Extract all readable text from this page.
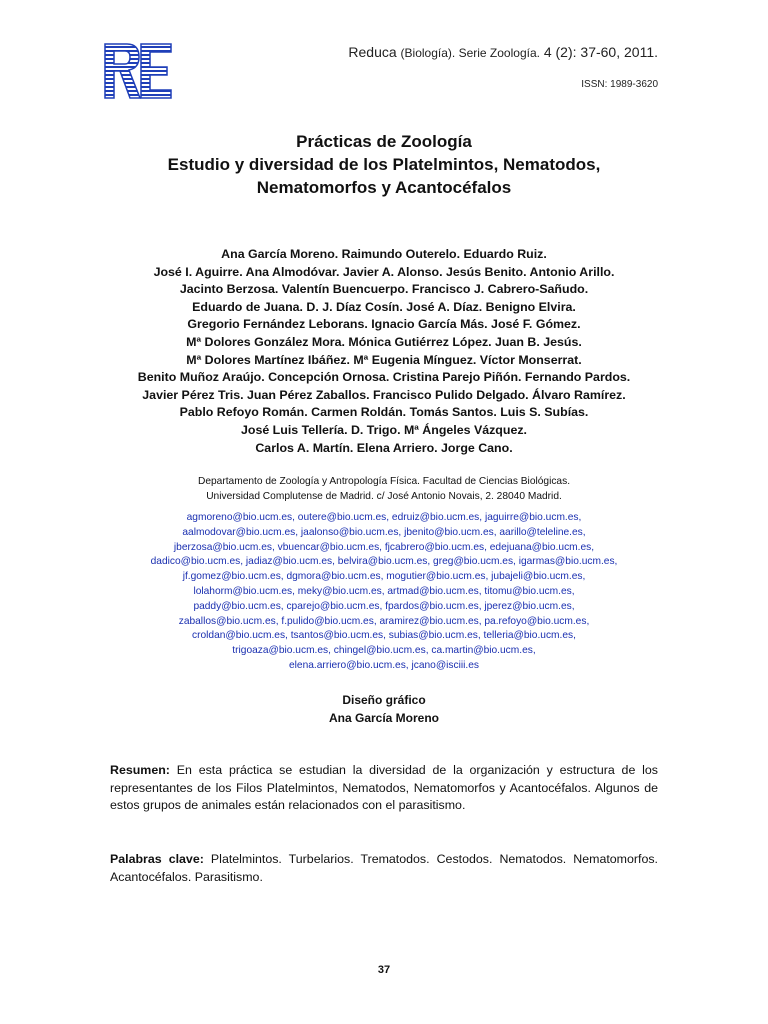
Reduca (Biología). Serie Zoología. 4 (2): 37-60, 2011.
ISSN: 1989-3620
Prácticas de Zoología
Estudio y diversidad de los Platelmintos, Nematodos,
Nematomorfos y Acantocéfalos
Ana García Moreno. Raimundo Outerelo. Eduardo Ruiz.
José I. Aguirre. Ana Almodóvar. Javier A. Alonso. Jesús Benito. Antonio Arillo.
Jacinto Berzosa. Valentín Buencuerpo. Francisco J. Cabrero-Sañudo.
Eduardo de Juana. D. J. Díaz Cosín. José A. Díaz. Benigno Elvira.
Gregorio Fernández Leborans. Ignacio García Más. José F. Gómez.
Mª Dolores González Mora. Mónica Gutiérrez López. Juan B. Jesús.
Mª Dolores Martínez Ibáñez. Mª Eugenia Mínguez. Víctor Monserrat.
Benito Muñoz Araújo. Concepción Ornosa. Cristina Parejo Piñón. Fernando Pardos.
Javier Pérez Tris. Juan Pérez Zaballos. Francisco Pulido Delgado. Álvaro Ramírez.
Pablo Refoyo Román. Carmen Roldán. Tomás Santos. Luis S. Subías.
José Luis Tellería. D. Trigo. Mª Ángeles Vázquez.
Carlos A. Martín. Elena Arriero. Jorge Cano.
Departamento de Zoología y Antropología Física. Facultad de Ciencias Biológicas.
Universidad Complutense de Madrid. c/ José Antonio Novais, 2. 28040 Madrid.
agmoreno@bio.ucm.es, outere@bio.ucm.es, edruiz@bio.ucm.es, jaguirre@bio.ucm.es,
aalmodovar@bio.ucm.es, jaalonso@bio.ucm.es, jbenito@bio.ucm.es, aarillo@teleline.es,
jberzosa@bio.ucm.es, vbuencar@bio.ucm.es, fjcabrero@bio.ucm.es, edejuana@bio.ucm.es,
dadico@bio.ucm.es, jadiaz@bio.ucm.es, belvira@bio.ucm.es, greg@bio.ucm.es, igarmas@bio.ucm.es,
jf.gomez@bio.ucm.es, dgmora@bio.ucm.es, mogutier@bio.ucm.es, jubajeli@bio.ucm.es,
lolahorm@bio.ucm.es, meky@bio.ucm.es, artmad@bio.ucm.es, titomu@bio.ucm.es,
paddy@bio.ucm.es, cparejo@bio.ucm.es, fpardos@bio.ucm.es, jperez@bio.ucm.es,
zaballos@bio.ucm.es, f.pulido@bio.ucm.es, aramirez@bio.ucm.es, pa.refoyo@bio.ucm.es,
croldan@bio.ucm.es, tsantos@bio.ucm.es, subias@bio.ucm.es, telleria@bio.ucm.es,
trigoaza@bio.ucm.es, chingel@bio.ucm.es, ca.martin@bio.ucm.es,
elena.arriero@bio.ucm.es, jcano@isciii.es
Diseño gráfico
Ana García Moreno
Resumen: En esta práctica se estudian la diversidad de la organización y estructura de los representantes de los Filos Platelmintos, Nematodos, Nematomorfos y Acantocéfalos. Algunos de estos grupos de animales están relacionados con el parasitismo.
Palabras clave: Platelmintos. Turbelarios. Trematodos. Cestodos. Nematodos. Nematomorfos. Acantocéfalos. Parasitismo.
37
